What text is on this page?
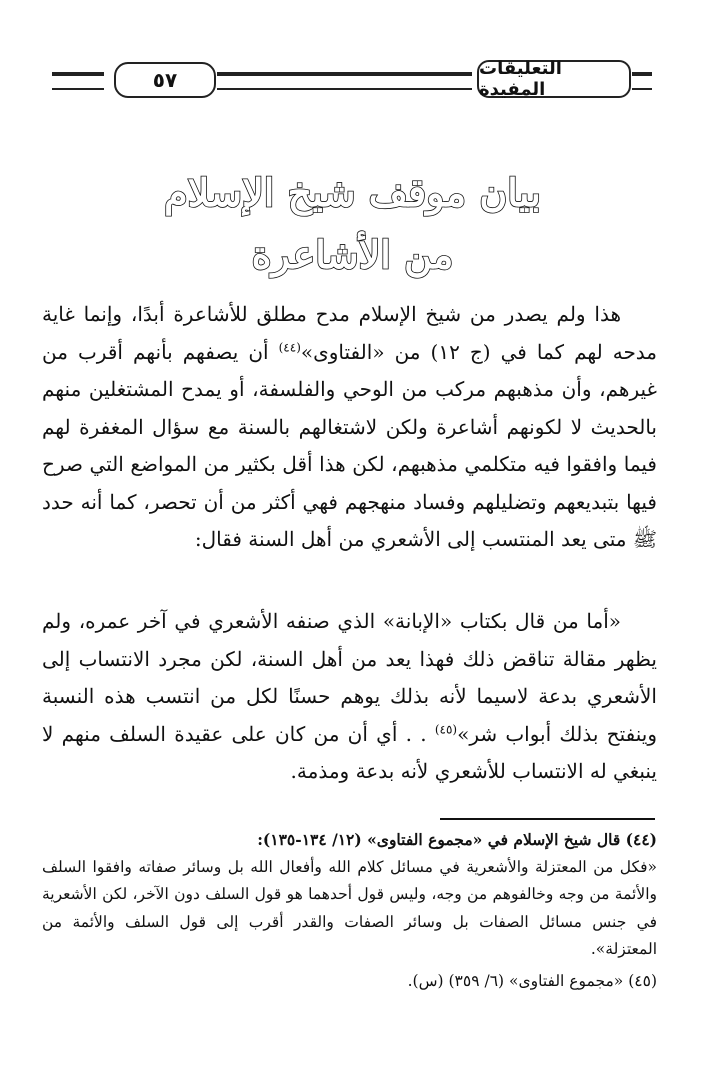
٥٧	التعليقات المفيدة
بيان موقف شيخ الإسلام
من الأشاعرة

هذا ولم يصدر من شيخ الإسلام مدح مطلق للأشاعرة أبدًا، وإنما غاية مدحه لهم كما في (ج ١٢) من «الفتاوى»$^{(٤٤)}$ أن يصفهم بأنهم أقرب من غيرهم، وأن مذهبهم مركب من الوحي والفلسفة، أو يمدح المشتغلين منهم بالحديث لا لكونهم أشاعرة ولكن لاشتغالهم بالسنة مع سؤال المغفرة لهم فيما وافقوا فيه متكلمي مذهبهم، لكن هذا أقل بكثير من المواضع التي صرح فيها بتبديعهم وتضليلهم وفساد منهجهم فهي أكثر من أن تحصر، كما أنه حدد ﷺ متى يعد المنتسب إلى الأشعري من أهل السنة فقال:

«أما من قال بكتاب «الإبانة» الذي صنفه الأشعري في آخر عمره، ولم يظهر مقالة تناقض ذلك فهذا يعد من أهل السنة، لكن مجرد الانتساب إلى الأشعري بدعة لاسيما لأنه بذلك يوهم حسنًا لكل من انتسب هذه النسبة وينفتح بذلك أبواب شر»$^{(٤٥)}$ . . أي أن من كان على عقيدة السلف منهم لا ينبغي له الانتساب للأشعري لأنه بدعة ومذمة.

(٤٤) قال شيخ الإسلام في «مجموع الفتاوى» (١٢/ ١٣٤-١٣٥):

«فكل من المعتزلة والأشعرية في مسائل كلام الله وأفعال الله بل وسائر صفاته وافقوا السلف والأئمة من وجه وخالفوهم من وجه، وليس قول أحدهما هو قول السلف دون الآخر، لكن الأشعرية في جنس مسائل الصفات بل وسائر الصفات والقدر أقرب إلى قول السلف والأئمة من المعتزلة».

(٤٥) «مجموع الفتاوى» (٦/ ٣٥٩) (س).
